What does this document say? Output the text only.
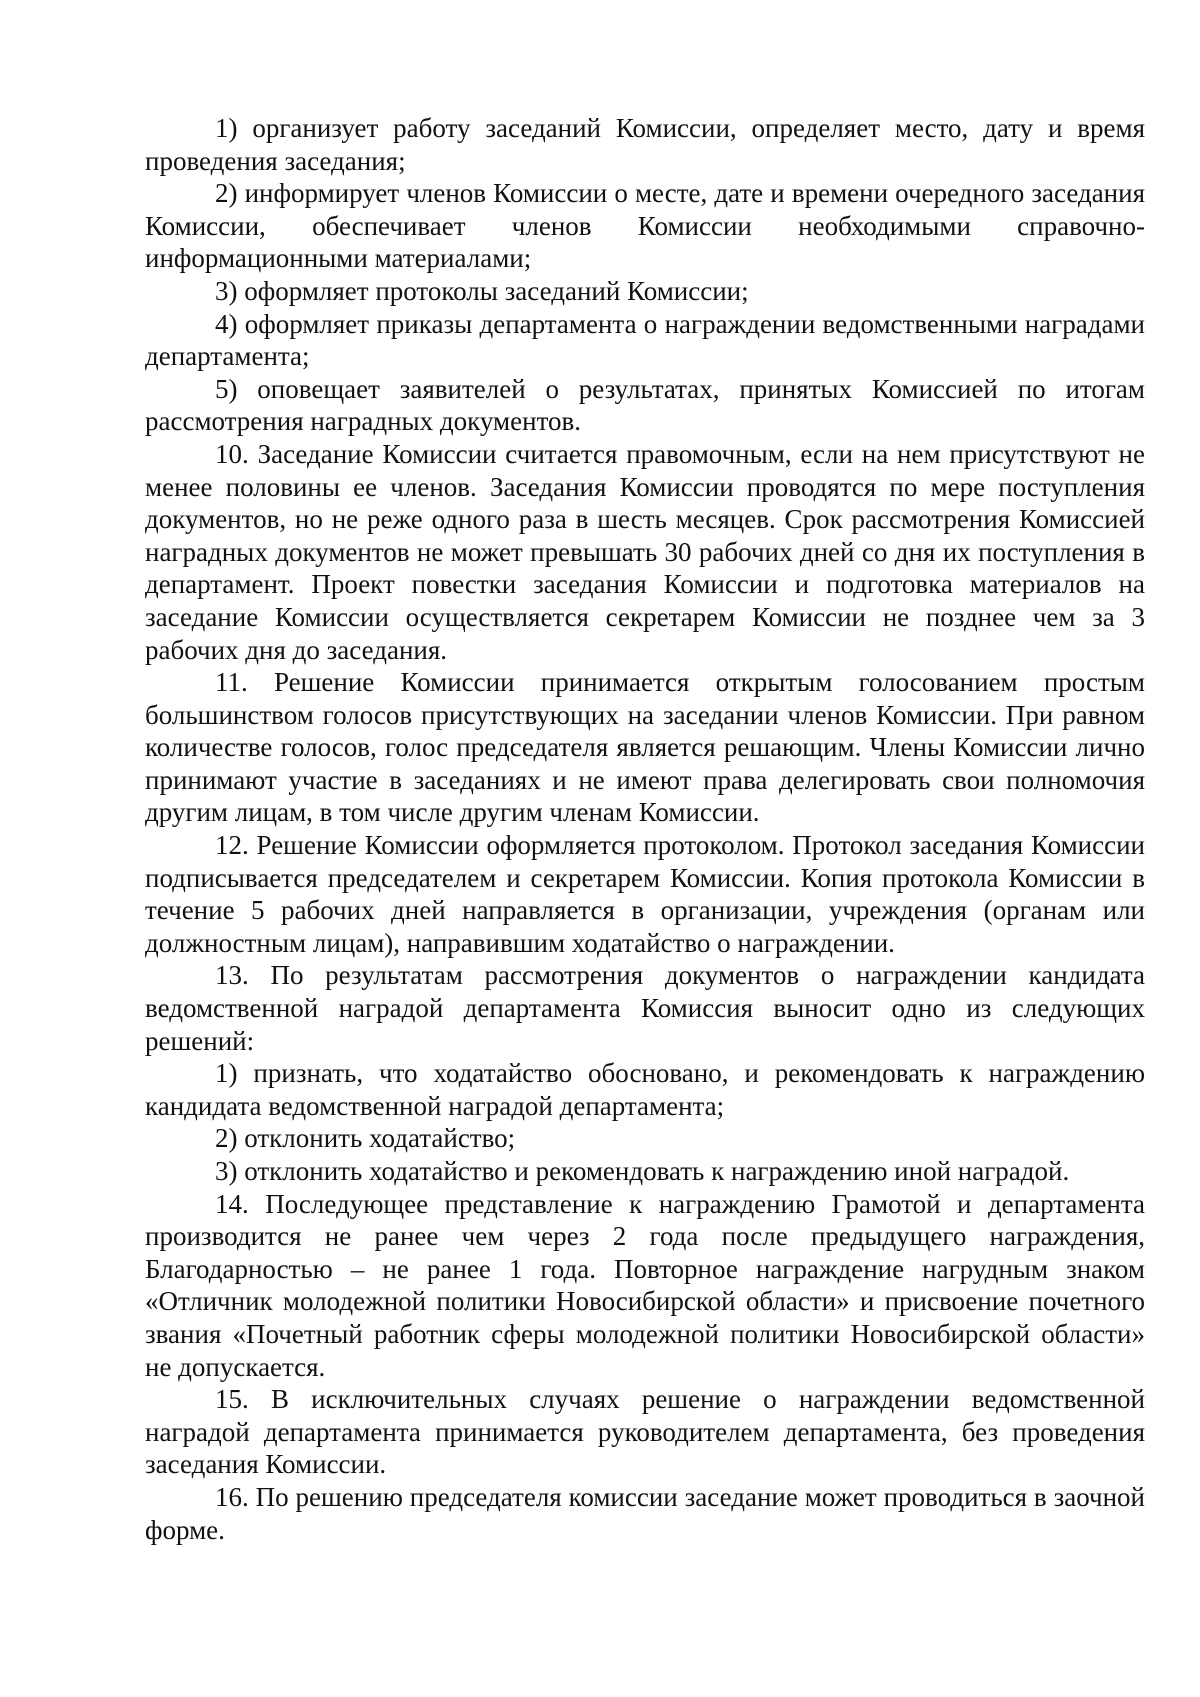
1) организует работу заседаний Комиссии, определяет место, дату и время проведения заседания;

2) информирует членов Комиссии о месте, дате и времени очередного заседания Комиссии, обеспечивает членов Комиссии необходимыми справочно-информационными материалами;

3) оформляет протоколы заседаний Комиссии;

4) оформляет приказы департамента о награждении ведомственными наградами департамента;

5) оповещает заявителей о результатах, принятых Комиссией по итогам рассмотрения наградных документов.

10. Заседание Комиссии считается правомочным, если на нем присутствуют не менее половины ее членов. Заседания Комиссии проводятся по мере поступления документов, но не реже одного раза в шесть месяцев. Срок рассмотрения Комиссией наградных документов не может превышать 30 рабочих дней со дня их поступления в департамент. Проект повестки заседания Комиссии и подготовка материалов на заседание Комиссии осуществляется секретарем Комиссии не позднее чем за 3 рабочих дня до заседания.

11. Решение Комиссии принимается открытым голосованием простым большинством голосов присутствующих на заседании членов Комиссии. При равном количестве голосов, голос председателя является решающим. Члены Комиссии лично принимают участие в заседаниях и не имеют права делегировать свои полномочия другим лицам, в том числе другим членам Комиссии.

12. Решение Комиссии оформляется протоколом. Протокол заседания Комиссии подписывается председателем и секретарем Комиссии. Копия протокола Комиссии в течение 5 рабочих дней направляется в организации, учреждения (органам или должностным лицам), направившим ходатайство о награждении.

13. По результатам рассмотрения документов о награждении кандидата ведомственной наградой департамента Комиссия выносит одно из следующих решений:

1) признать, что ходатайство обосновано, и рекомендовать к награждению кандидата ведомственной наградой департамента;

2) отклонить ходатайство;

3) отклонить ходатайство и рекомендовать к награждению иной наградой.

14. Последующее представление к награждению Грамотой и департамента производится не ранее чем через 2 года после предыдущего награждения, Благодарностью – не ранее 1 года. Повторное награждение нагрудным знаком «Отличник молодежной политики Новосибирской области» и присвоение почетного звания «Почетный работник сферы молодежной политики Новосибирской области» не допускается.

15. В исключительных случаях решение о награждении ведомственной наградой департамента принимается руководителем департамента, без проведения заседания Комиссии.

16. По решению председателя комиссии заседание может проводиться в заочной форме.
